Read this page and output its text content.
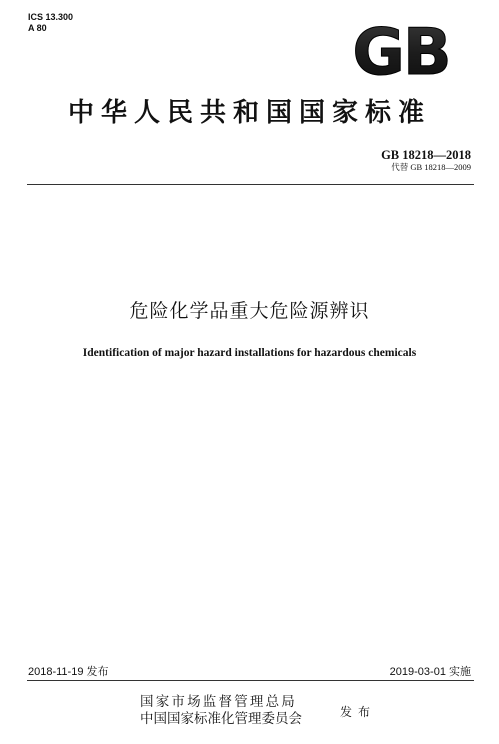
ICS 13.300
A 80	GB
中华人民共和国国家标准
GB 18218—2018
代替 GB 18218—2009
危险化学品重大危险源辨识
Identification of major hazard installations for hazardous chemicals
2018-11-19 发布	2019-03-01 实施
国家市场监督管理总局
中国国家标准化管理委员会	发布
